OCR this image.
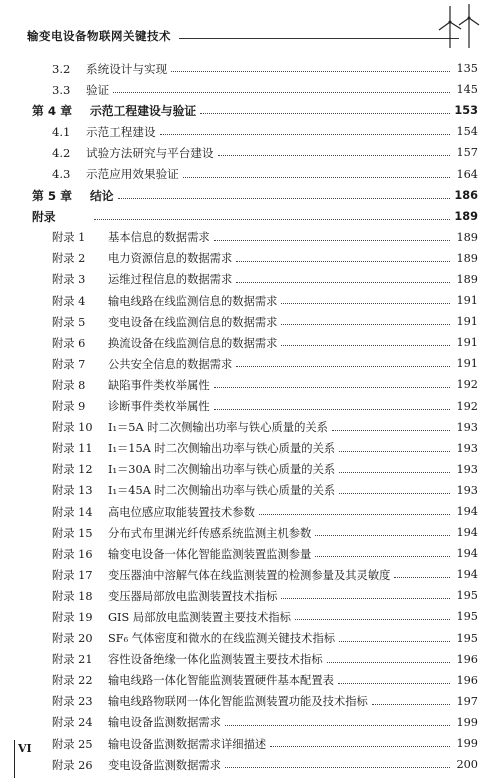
输变电设备物联网关键技术
3.2	系统设计与实现	135
3.3	验证	145
第 4 章	示范工程建设与验证	153
4.1	示范工程建设	154
4.2	试验方法研究与平台建设	157
4.3	示范应用效果验证	164
第 5 章	结论	186
附录	189
附录 1	基本信息的数据需求	189
附录 2	电力资源信息的数据需求	189
附录 3	运维过程信息的数据需求	189
附录 4	输电线路在线监测信息的数据需求	191
附录 5	变电设备在线监测信息的数据需求	191
附录 6	换流设备在线监测信息的数据需求	191
附录 7	公共安全信息的数据需求	191
附录 8	缺陷事件类枚举属性	192
附录 9	诊断事件类枚举属性	192
附录 10	I₁＝5A 时二次侧输出功率与铁心质量的关系	193
附录 11	I₁＝15A 时二次侧输出功率与铁心质量的关系	193
附录 12	I₁＝30A 时二次侧输出功率与铁心质量的关系	193
附录 13	I₁＝45A 时二次侧输出功率与铁心质量的关系	193
附录 14	高电位感应取能装置技术参数	194
附录 15	分布式布里渊光纤传感系统监测主机参数	194
附录 16	输变电设备一体化智能监测装置监测参量	194
附录 17	变压器油中溶解气体在线监测装置的检测参量及其灵敏度	194
附录 18	变压器局部放电监测装置技术指标	195
附录 19	GIS 局部放电监测装置主要技术指标	195
附录 20	SF₆ 气体密度和微水的在线监测关键技术指标	195
附录 21	容性设备绝缘一体化监测装置主要技术指标	196
附录 22	输电线路一体化智能监测装置硬件基本配置表	196
附录 23	输电线路物联网一体化智能监测装置功能及技术指标	197
附录 24	输电设备监测数据需求	199
附录 25	输电设备监测数据需求详细描述	199
附录 26	变电设备监测数据需求	200
VI
